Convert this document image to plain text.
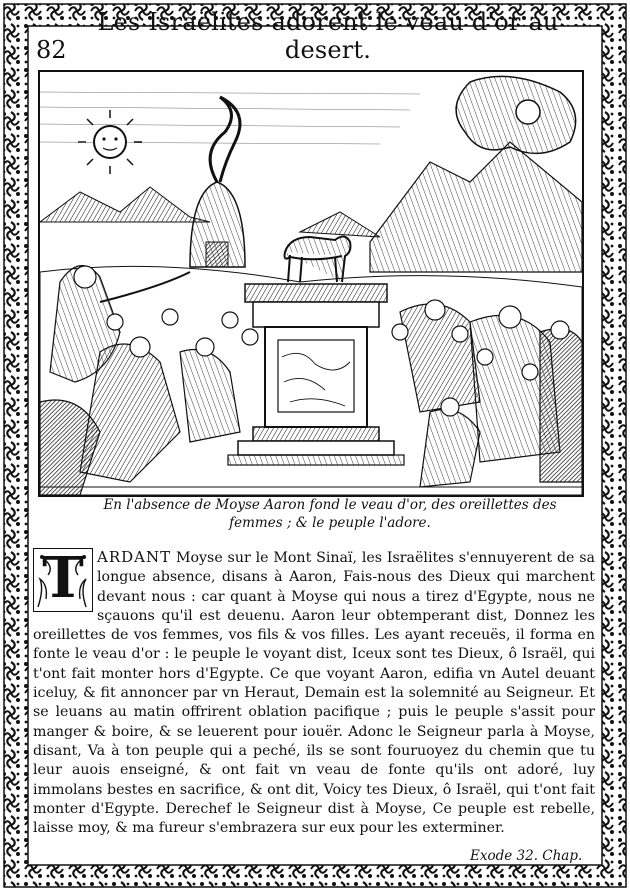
82
Les Israëlites adorent le veau d'or au desert.
En l'absence de Moyse Aaron fond le veau d'or, des oreillettes des femmes ; & le peuple l'adore.
T ARDANT Moyse sur le Mont Sinaï, les Israëlites s'ennuyerent de sa longue absence, disans à Aaron, Fais-nous des Dieux qui marchent devant nous : car quant à Moyse qui nous a tirez d'Egypte, nous ne sçauons qu'il est deuenu. Aaron leur obtemperant dist, Donnez les oreillettes de vos femmes, vos fils & vos filles. Les ayant receuës, il forma en fonte le veau d'or : le peuple le voyant dist, Iceux sont tes Dieux, ô Israël, qui t'ont fait monter hors d'Egypte. Ce que voyant Aaron, edifia vn Autel deuant iceluy, & fit annoncer par vn Heraut, Demain est la solemnité au Seigneur. Et se leuans au matin offrirent oblation pacifique ; puis le peuple s'assit pour manger & boire, & se leuerent pour iouër. Adonc le Seigneur parla à Moyse, disant, Va à ton peuple qui a peché, ils se sont fouruoyez du chemin que tu leur auois enseigné, & ont fait vn veau de fonte qu'ils ont adoré, luy immolans bestes en sacrifice, & ont dit, Voicy tes Dieux, ô Israël, qui t'ont fait monter d'Egypte. Derechef le Seigneur dist à Moyse, Ce peuple est rebelle, laisse moy, & ma fureur s'embrazera sur eux pour les exterminer.
Exode 32. Chap.
